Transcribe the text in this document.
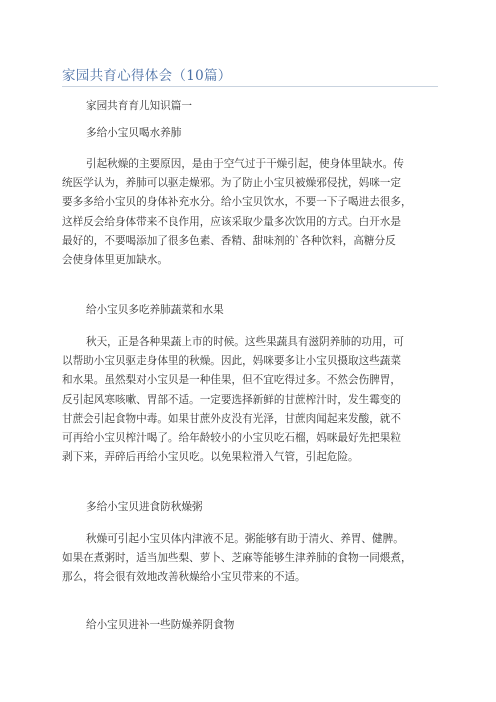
家园共育心得体会（10篇）
家园共育育儿知识篇一
多给小宝贝喝水养肺
引起秋燥的主要原因，是由于空气过于干燥引起，使身体里缺水。传
统医学认为，养肺可以驱走燥邪。为了防止小宝贝被燥邪侵扰，妈咪一定
要多多给小宝贝的身体补充水分。给小宝贝饮水，不要一下子喝进去很多，
这样反会给身体带来不良作用，应该采取少量多次饮用的方式。白开水是
最好的，不要喝添加了很多色素、香精、甜味剂的`各种饮料，高糖分反
会使身体里更加缺水。
给小宝贝多吃养肺蔬菜和水果
秋天，正是各种果蔬上市的时候。这些果蔬具有滋阴养肺的功用，可
以帮助小宝贝驱走身体里的秋燥。因此，妈咪要多让小宝贝摄取这些蔬菜
和水果。虽然梨对小宝贝是一种佳果，但不宜吃得过多。不然会伤脾胃，
反引起风寒咳嗽、胃部不适。一定要选择新鲜的甘蔗榨汁时，发生霉变的
甘蔗会引起食物中毒。如果甘蔗外皮没有光泽，甘蔗肉闻起来发酸，就不
可再给小宝贝榨汁喝了。给年龄较小的小宝贝吃石榴，妈咪最好先把果粒
剥下来，弄碎后再给小宝贝吃。以免果粒滑入气管，引起危险。
多给小宝贝进食防秋燥粥
秋燥可引起小宝贝体内津液不足。粥能够有助于清火、养胃、健脾。
如果在煮粥时，适当加些梨、萝卜、芝麻等能够生津养肺的食物一同煨煮，
那么，将会很有效地改善秋燥给小宝贝带来的不适。
给小宝贝进补一些防燥养阴食物
